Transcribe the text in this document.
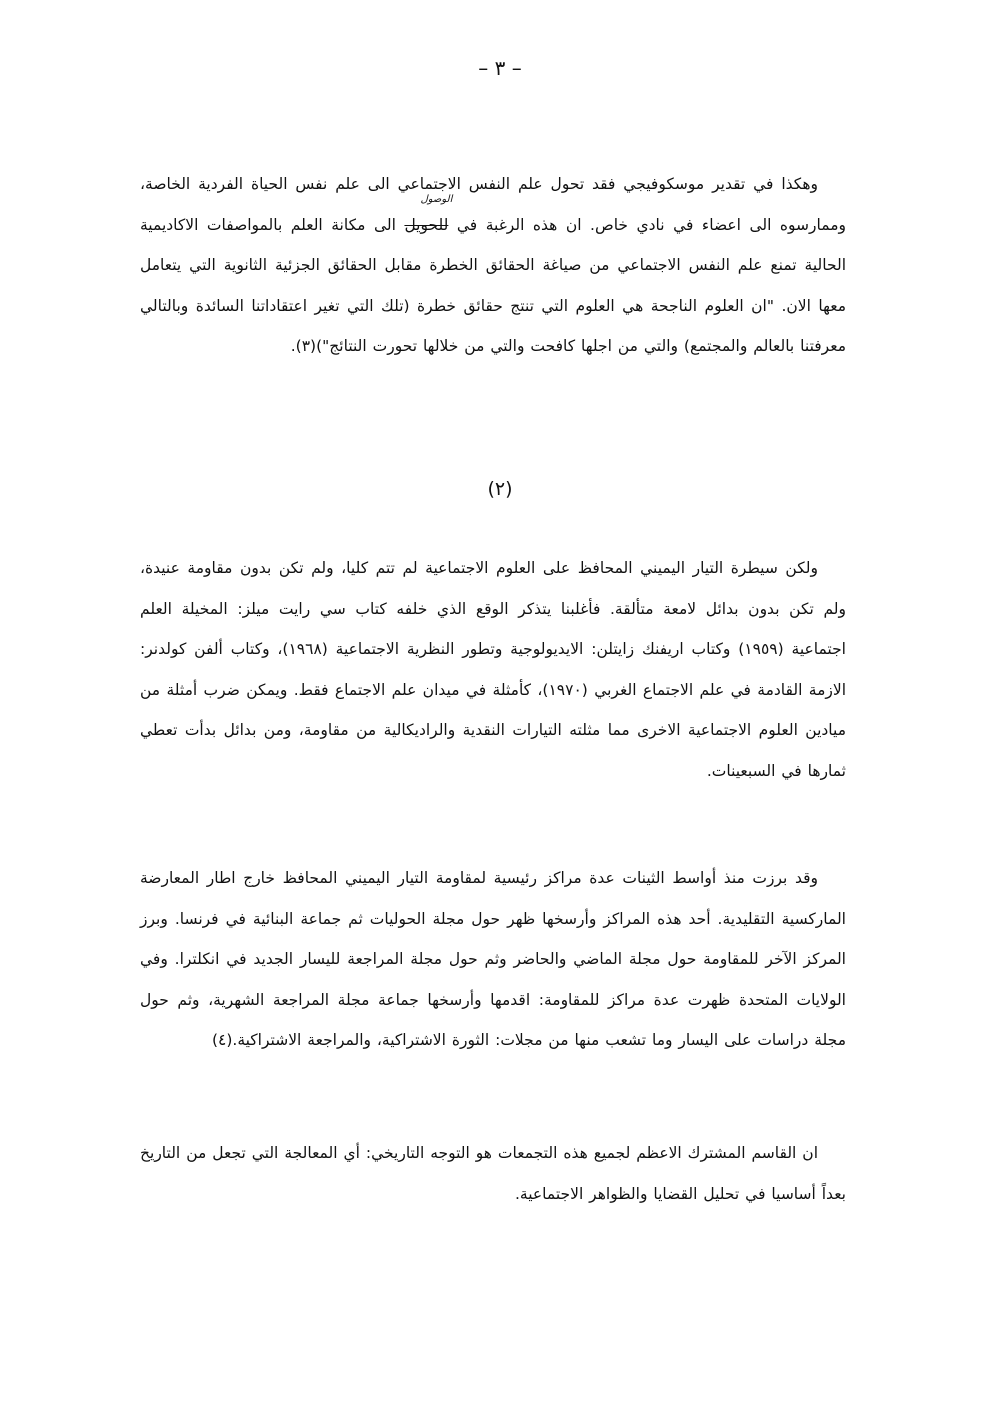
– ٣ –

وهكذا في تقدير موسكوفيجي فقد تحول علم النفس الاجتماعي الى علم نفس الحياة الفردية الخاصة، وممارسوه الى اعضاء في نادي خاص. ان هذه الرغبة في للحويل
الوصول
الى مكانة العلم بالمواصفات الاكاديمية الحالية تمنع علم النفس الاجتماعي من صياغة الحقائق الخطرة مقابل الحقائق الجزئية الثانوية التي يتعامل معها الان. "ان العلوم الناجحة هي العلوم التي تنتج حقائق خطرة (تلك التي تغير اعتقاداتنا السائدة وبالتالي معرفتنا بالعالم والمجتمع) والتي من اجلها كافحت والتي من خلالها تحورت النتائج")(٣).

(٢)

ولكن سيطرة التيار اليميني المحافظ على العلوم الاجتماعية لم تتم كليا، ولم تكن بدون مقاومة عنيدة، ولم تكن بدون بدائل لامعة متألقة. فأغلبنا يتذكر الوقع الذي خلفه كتاب سي رايت ميلز: المخيلة العلم اجتماعية (١٩٥٩) وكتاب اريفنك زايتلن: الايديولوجية وتطور النظرية الاجتماعية (١٩٦٨)، وكتاب ألفن كولدنر: الازمة القادمة في علم الاجتماع الغربي (١٩٧٠)، كأمثلة في ميدان علم الاجتماع فقط. ويمكن ضرب أمثلة من ميادين العلوم الاجتماعية الاخرى مما مثلته التيارات النقدية والراديكالية من مقاومة، ومن بدائل بدأت تعطي ثمارها في السبعينات.

وقد برزت منذ أواسط الثينات عدة مراكز رئيسية لمقاومة التيار اليميني المحافظ خارج اطار المعارضة الماركسية التقليدية. أحد هذه المراكز وأرسخها ظهر حول مجلة الحوليات ثم جماعة البنائية في فرنسا. وبرز المركز الآخر للمقاومة حول مجلة الماضي والحاضر وثم حول مجلة المراجعة لليسار الجديد في انكلترا. وفي الولايات المتحدة ظهرت عدة مراكز للمقاومة: اقدمها وأرسخها جماعة مجلة المراجعة الشهرية، وثم حول مجلة دراسات على اليسار وما تشعب منها من مجلات: الثورة الاشتراكية، والمراجعة الاشتراكية.(٤)

ان القاسم المشترك الاعظم لجميع هذه التجمعات هو التوجه التاريخي: أي المعالجة التي تجعل من التاريخ بعداً أساسيا في تحليل القضايا والظواهر الاجتماعية.
